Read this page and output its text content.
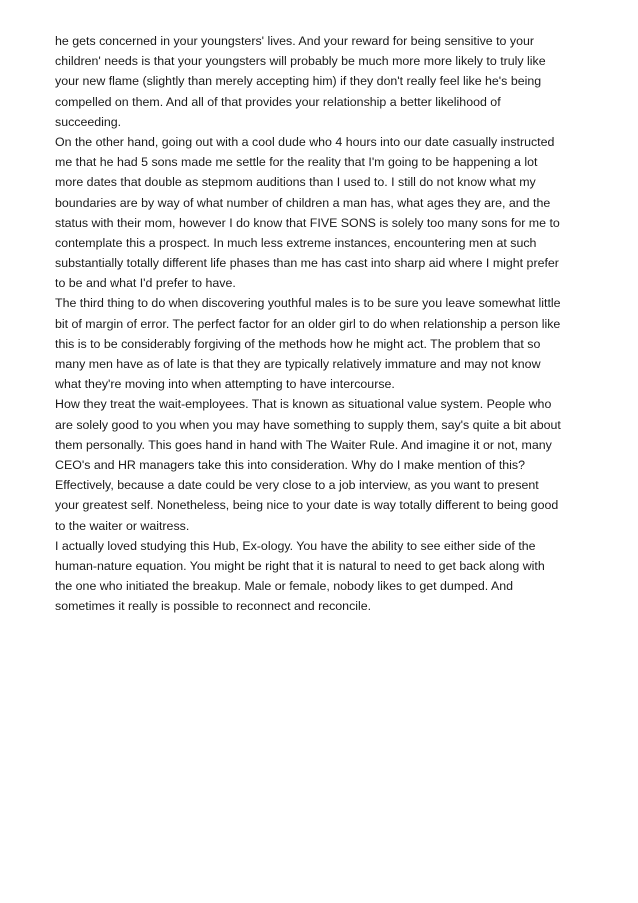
he gets concerned in your youngsters' lives. And your reward for being sensitive to your
children' needs is that your youngsters will probably be much more more likely to truly like
your new flame (slightly than merely accepting him) if they don't really feel like he's being
compelled on them. And all of that provides your relationship a better likelihood of
succeeding.
On the other hand, going out with a cool dude who 4 hours into our date casually instructed
me that he had 5 sons made me settle for the reality that I'm going to be happening a lot
more dates that double as stepmom auditions than I used to. I still do not know what my
boundaries are by way of what number of children a man has, what ages they are, and the
status with their mom, however I do know that FIVE SONS is solely too many sons for me to
contemplate this a prospect. In much less extreme instances, encountering men at such
substantially totally different life phases than me has cast into sharp aid where I might prefer
to be and what I'd prefer to have.
The third thing to do when discovering youthful males is to be sure you leave somewhat little
bit of margin of error. The perfect factor for an older girl to do when relationship a person like
this is to be considerably forgiving of the methods how he might act. The problem that so
many men have as of late is that they are typically relatively immature and may not know
what they're moving into when attempting to have intercourse.
How they treat the wait-employees. That is known as situational value system. People who
are solely good to you when you may have something to supply them, say's quite a bit about
them personally. This goes hand in hand with The Waiter Rule. And imagine it or not, many
CEO's and HR managers take this into consideration. Why do I make mention of this?
Effectively, because a date could be very close to a job interview, as you want to present
your greatest self. Nonetheless, being nice to your date is way totally different to being good
to the waiter or waitress.
I actually loved studying this Hub, Ex-ology. You have the ability to see either side of the
human-nature equation. You might be right that it is natural to need to get back along with
the one who initiated the breakup. Male or female, nobody likes to get dumped. And
sometimes it really is possible to reconnect and reconcile.
